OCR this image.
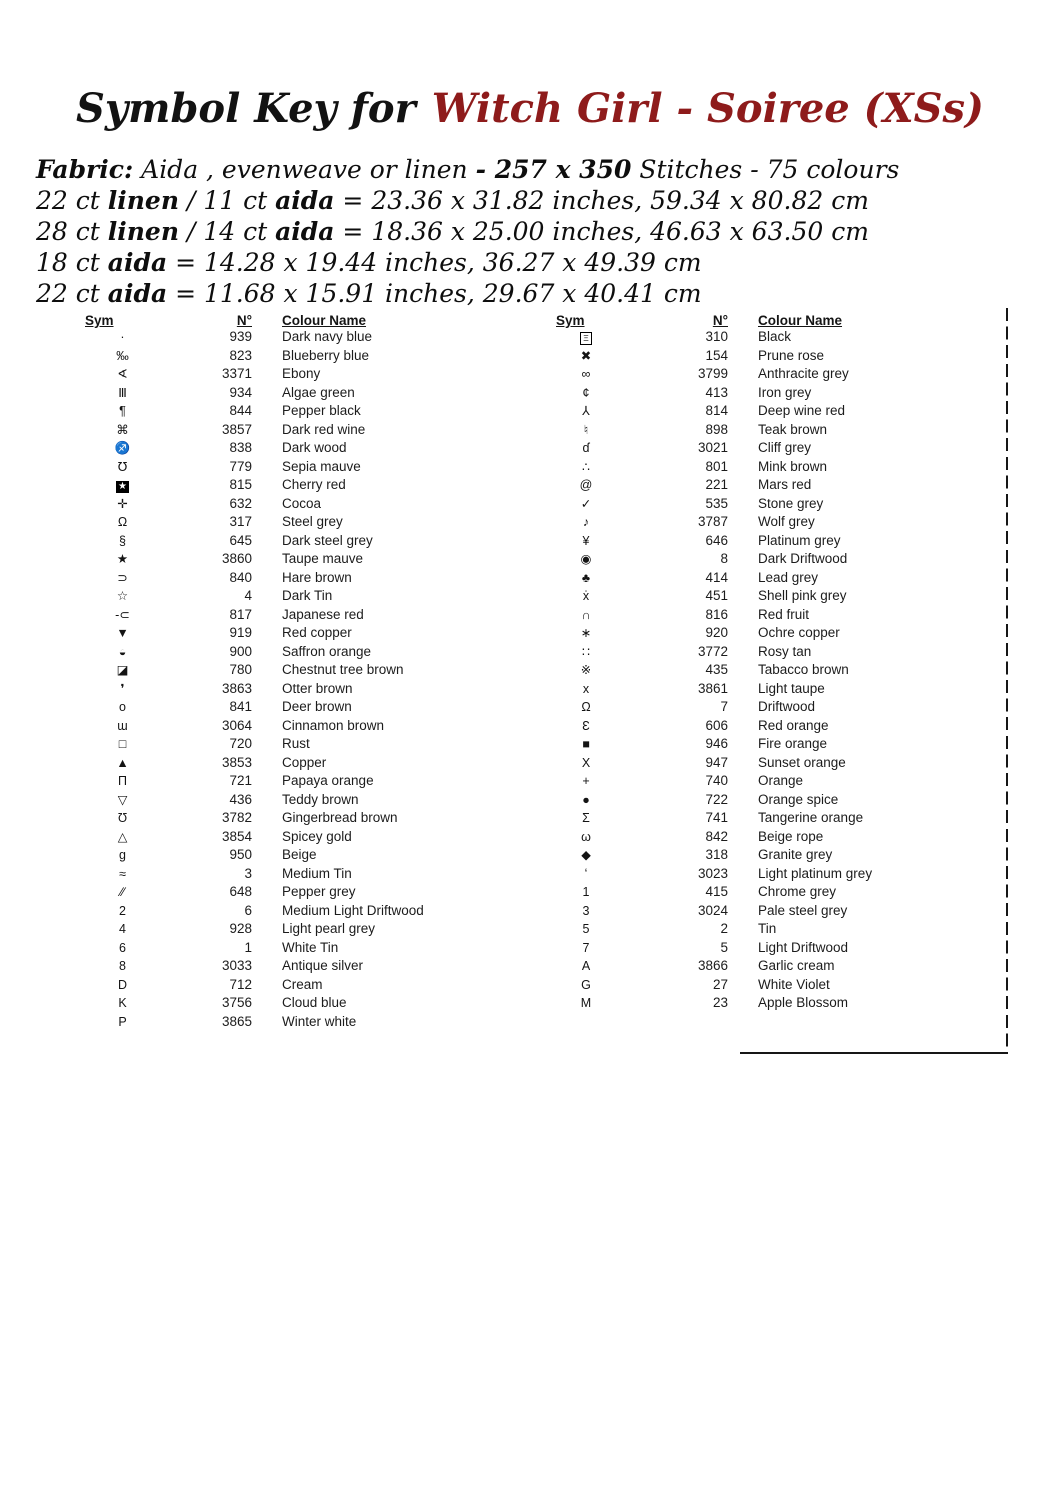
Symbol Key for Witch Girl - Soiree (XSs)
Fabric: Aida , evenweave or linen - 257 x 350 Stitches - 75 colours
22 ct linen / 11 ct aida = 23.36 x 31.82 inches, 59.34 x 80.82 cm
28 ct linen / 14 ct aida = 18.36 x 25.00 inches, 46.63 x 63.50 cm
18 ct aida = 14.28 x 19.44 inches, 36.27 x 49.39 cm
22 ct aida = 11.68 x 15.91 inches, 29.67 x 40.41 cm
Sym	N°	Colour Name
·	939	Dark navy blue
‰	823	Blueberry blue
∢	3371	Ebony
Ⅲ	934	Algae green
¶	844	Pepper black
⌘	3857	Dark red wine
♐	838	Dark wood
℧	779	Sepia mauve
★	815	Cherry red
✛	632	Cocoa
Ω	317	Steel grey
§	645	Dark steel grey
★	3860	Taupe mauve
⊃	840	Hare brown
☆	4	Dark Tin
-⊂	817	Japanese red
▼	919	Red copper
◒	900	Saffron orange
◪	780	Chestnut tree brown
❜	3863	Otter brown
o	841	Deer brown
ɯ	3064	Cinnamon brown
□	720	Rust
▲	3853	Copper
Π	721	Papaya orange
▽	436	Teddy brown
Ʊ	3782	Gingerbread brown
△	3854	Spicey gold
g	950	Beige
≈	3	Medium Tin
∕∕	648	Pepper grey
2	6	Medium Light Driftwood
4	928	Light pearl grey
6	1	White Tin
8	3033	Antique silver
D	712	Cream
K	3756	Cloud blue
P	3865	Winter white
Sym	N°	Colour Name
Ξ	310	Black
✖	154	Prune rose
∞	3799	Anthracite grey
¢	413	Iron grey
⅄	814	Deep wine red
♮	898	Teak brown
ɗ	3021	Cliff grey
∴	801	Mink brown
@	221	Mars red
✓	535	Stone grey
♪	3787	Wolf grey
¥	646	Platinum grey
◉	8	Dark Driftwood
♣	414	Lead grey
ẋ	451	Shell pink grey
∩	816	Red fruit
∗	920	Ochre copper
∷	3772	Rosy tan
※	435	Tabacco brown
x	3861	Light taupe
Ω	7	Driftwood
Ɛ	606	Red orange
■	946	Fire orange
Χ	947	Sunset orange
+	740	Orange
●	722	Orange spice
Σ	741	Tangerine orange
ω	842	Beige rope
◆	318	Granite grey
ʻ	3023	Light platinum grey
1	415	Chrome grey
3	3024	Pale steel grey
5	2	Tin
7	5	Light Driftwood
A	3866	Garlic cream
G	27	White Violet
M	23	Apple Blossom
